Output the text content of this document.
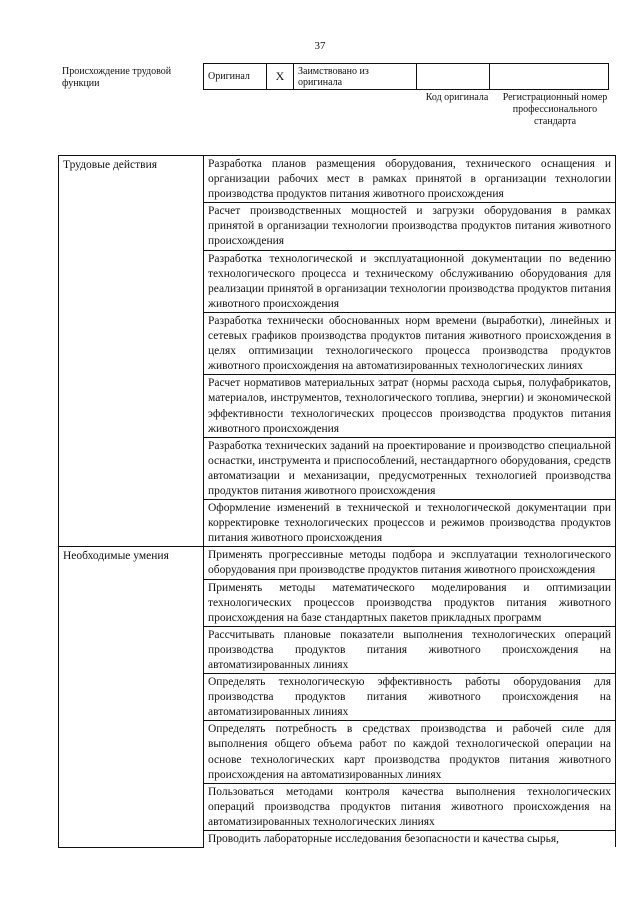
37
Происхождение трудовой функции
Оригинал	X	Заимствовано из оригинала		
Код оригинала	Регистрационный номер профессионального стандарта
Трудовые действия	Разработка планов размещения оборудования, технического оснащения и организации рабочих мест в рамках принятой в организации технологии производства продуктов питания животного происхождения
	Расчет производственных мощностей и загрузки оборудования в рамках принятой в организации технологии производства продуктов питания животного происхождения
	Разработка технологической и эксплуатационной документации по ведению технологического процесса и техническому обслуживанию оборудования для реализации принятой в организации технологии производства продуктов питания животного происхождения
	Разработка технически обоснованных норм времени (выработки), линейных и сетевых графиков производства продуктов питания животного происхождения в целях оптимизации технологического процесса производства продуктов животного происхождения на автоматизированных технологических линиях
	Расчет нормативов материальных затрат (нормы расхода сырья, полуфабрикатов, материалов, инструментов, технологического топлива, энергии) и экономической эффективности технологических процессов производства продуктов питания животного происхождения
	Разработка технических заданий на проектирование и производство специальной оснастки, инструмента и приспособлений, нестандартного оборудования, средств автоматизации и механизации, предусмотренных технологией производства продуктов питания животного происхождения
	Оформление изменений в технической и технологической документации при корректировке технологических процессов и режимов производства продуктов питания животного происхождения
Необходимые умения	Применять прогрессивные методы подбора и эксплуатации технологического оборудования при производстве продуктов питания животного происхождения
	Применять методы математического моделирования и оптимизации технологических процессов производства продуктов питания животного происхождения на базе стандартных пакетов прикладных программ
	Рассчитывать плановые показатели выполнения технологических операций производства продуктов питания животного происхождения на автоматизированных линиях
	Определять технологическую эффективность работы оборудования для производства продуктов питания животного происхождения на автоматизированных линиях
	Определять потребность в средствах производства и рабочей силе для выполнения общего объема работ по каждой технологической операции на основе технологических карт производства продуктов питания животного происхождения на автоматизированных линиях
	Пользоваться методами контроля качества выполнения технологических операций производства продуктов питания животного происхождения на автоматизированных технологических линиях
	Проводить лабораторные исследования безопасности и качества сырья,
